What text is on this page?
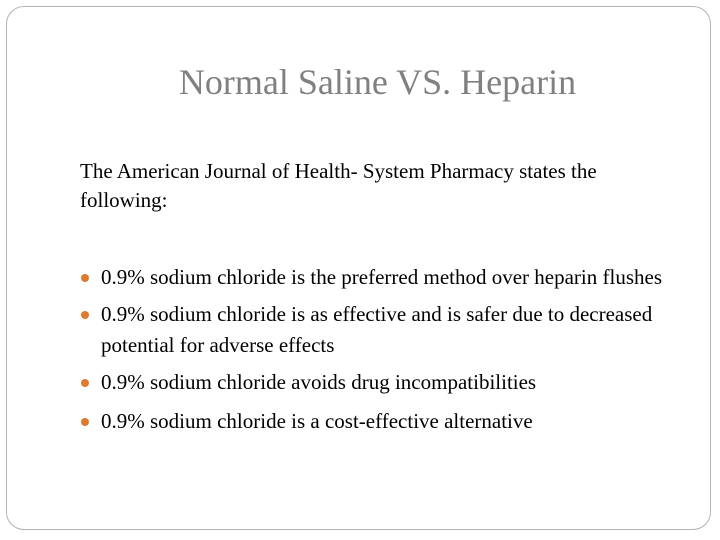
Normal Saline VS. Heparin
The American Journal of Health- System Pharmacy states the following:
0.9% sodium chloride is the preferred method over heparin flushes
0.9% sodium chloride is as effective and is safer due to decreased potential for adverse effects
0.9% sodium chloride avoids drug incompatibilities
0.9% sodium chloride is a cost-effective alternative
